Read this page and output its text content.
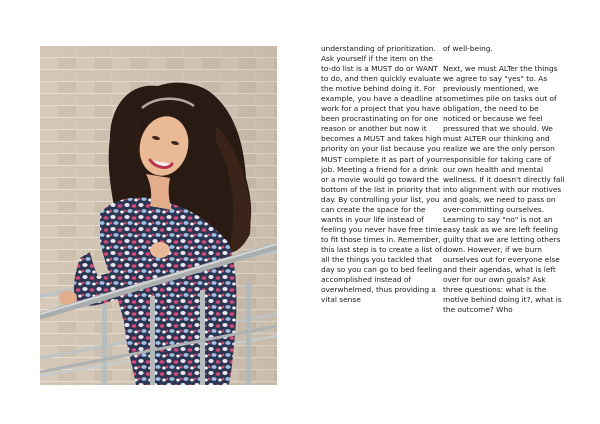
understanding of prioritization. Ask yourself if the item on the to-do list is a MUST do or WANT to do, and then quickly evaluate the motive behind doing it. For example, you have a deadline at work for a project that you have been procrastinating on for one reason or another but now it becomes a MUST and takes high priority on your list because you MUST complete it as part of your job. Meeting a friend for a drink or a movie would go toward the bottom of the list in priority that day. By controlling your list, you can create the space for the wants in your life instead of feeling you never have free time to fit those times in. Remember, this last step is to create a list of all the things you tackled that day so you can go to bed feeling accomplished instead of overwhelmed, thus providing a vital sense

of well-being.

Next, we must ALTer the things we agree to say "yes" to. As previously mentioned, we sometimes pile on tasks out of obligation, the need to be noticed or because we feel pressured that we should. We must ALTER our thinking and realize we are the only person responsible for taking care of our own health and mental wellness. If it doesn't directly fall into alignment with our motives and goals, we need to pass on over-committing ourselves. Learning to say "no" is not an easy task as we are left feeling guilty that we are letting others down. However, if we burn ourselves out for everyone else and their agendas, what is left over for our own goals? Ask three questions: what is the motive behind doing it?, what is the outcome? Who
